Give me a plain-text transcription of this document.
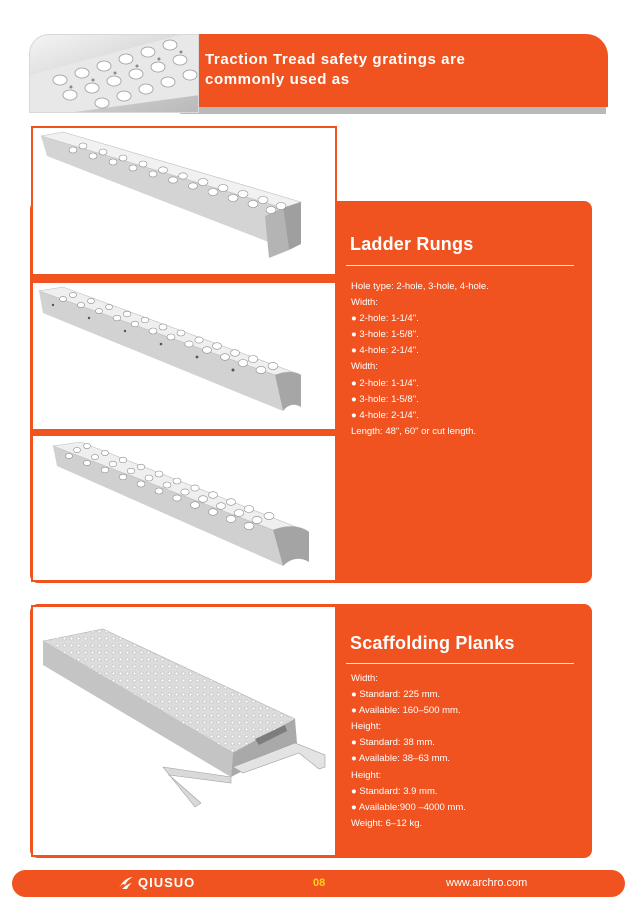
Traction Tread safety gratings are
commonly used as
Ladder Rungs
Hole type: 2-hole, 3-hole, 4-hole.
Width:
● 2-hole: 1-1/4".
● 3-hole: 1-5/8".
● 4-hole: 2-1/4".
Width:
● 2-hole: 1-1/4".
● 3-hole: 1-5/8".
● 4-hole: 2-1/4".
Length: 48", 60" or cut length.
Scaffolding Planks
Width:
● Standard: 225 mm.
● Available: 160–500 mm.
Height:
● Standard: 38 mm.
● Available: 38–63 mm.
Height:
● Standard: 3.9 mm.
● Available:900 –4000 mm.
Weight: 6–12 kg.
QIUSUO	08	www.archro.com
